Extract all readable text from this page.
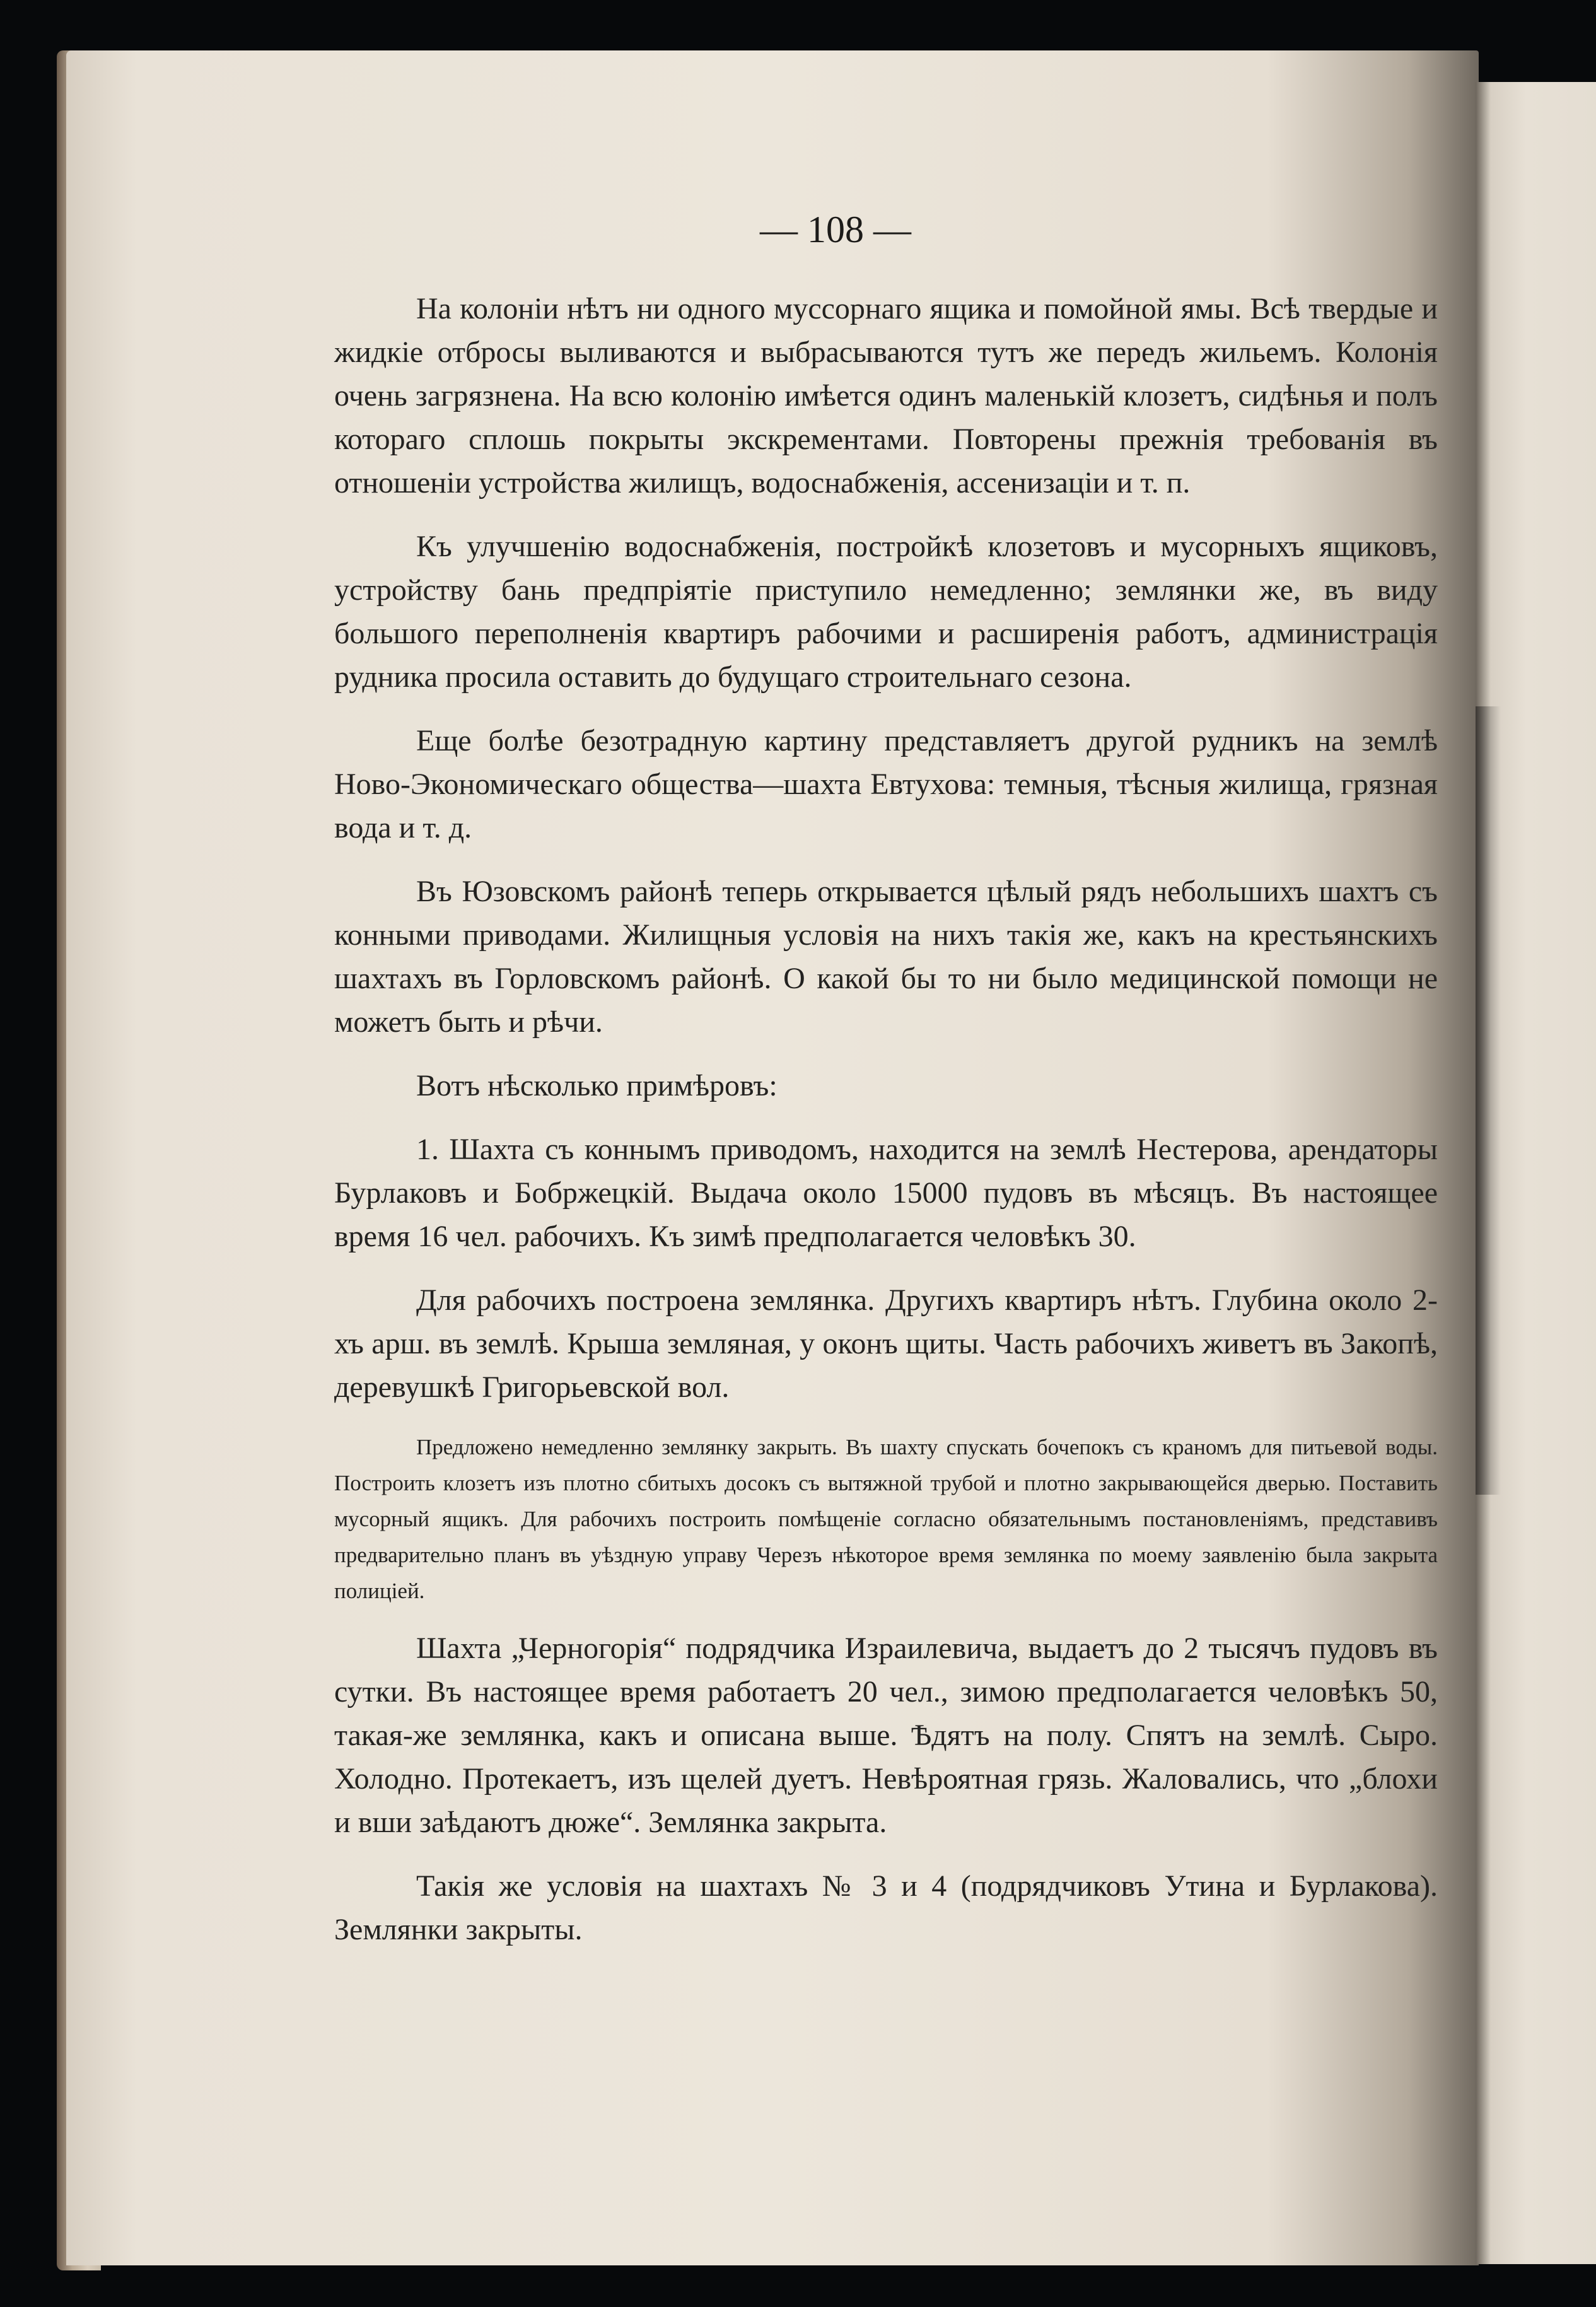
— 108 —

На колоніи нѣтъ ни одного муссорнаго ящика и помойной ямы. Всѣ твердые и жидкіе отбросы выливаются и выбрасываются тутъ же передъ жильемъ. Колонія очень загрязнена. На всю колонію имѣется одинъ маленькій клозетъ, сидѣнья и полъ котораго сплошь покрыты экскрементами. Повторены прежнія требованія въ отношеніи устройства жилищъ, водоснабженія, ассенизаціи и т. п.

Къ улучшенію водоснабженія, постройкѣ клозетовъ и мусорныхъ ящиковъ, устройству бань предпріятіе приступило немедленно; землянки же, въ виду большого переполненія квартиръ рабочими и расширенія работъ, администрація рудника просила оставить до будущаго строительнаго сезона.

Еще болѣе безотрадную картину представляетъ другой рудникъ на землѣ Ново-Экономическаго общества—шахта Евтухова: темныя, тѣсныя жилища, грязная вода и т. д.

Въ Юзовскомъ районѣ теперь открывается цѣлый рядъ небольшихъ шахтъ съ конными приводами. Жилищныя условія на нихъ такія же, какъ на крестьянскихъ шахтахъ въ Горловскомъ районѣ. О какой бы то ни было медицинской помощи не можетъ быть и рѣчи.

Вотъ нѣсколько примѣровъ:

1. Шахта съ коннымъ приводомъ, находится на землѣ Нестерова, арендаторы Бурлаковъ и Бобржецкій. Выдача около 15000 пудовъ въ мѣсяцъ. Въ настоящее время 16 чел. рабочихъ. Къ зимѣ предполагается человѣкъ 30.

Для рабочихъ построена землянка. Другихъ квартиръ нѣтъ. Глубина около 2-хъ арш. въ землѣ. Крыша земляная, у оконъ щиты. Часть рабочихъ живетъ въ Закопѣ, деревушкѣ Григорьевской вол.

Предложено немедленно землянку закрыть. Въ шахту спускать бочепокъ съ краномъ для питьевой воды. Построить клозетъ изъ плотно сбитыхъ досокъ съ вытяжной трубой и плотно закрывающейся дверью. Поставить мусорный ящикъ. Для рабочихъ построить помѣщеніе согласно обязательнымъ постановленіямъ, представивъ предварительно планъ въ уѣздную управу Черезъ нѣкоторое время землянка по моему заявленію была закрыта полиціей.

Шахта „Черногорія“ подрядчика Израилевича, выдаетъ до 2 тысячъ пудовъ въ сутки. Въ настоящее время работаетъ 20 чел., зимою предполагается человѣкъ 50, такая-же землянка, какъ и описана выше. Ѣдятъ на полу. Спятъ на землѣ. Сыро. Холодно. Протекаетъ, изъ щелей дуетъ. Невѣроятная грязь. Жаловались, что „блохи и вши заѣдаютъ дюже“. Землянка закрыта.

Такія же условія на шахтахъ № 3 и 4 (подрядчиковъ Утина и Бурлакова). Землянки закрыты.
